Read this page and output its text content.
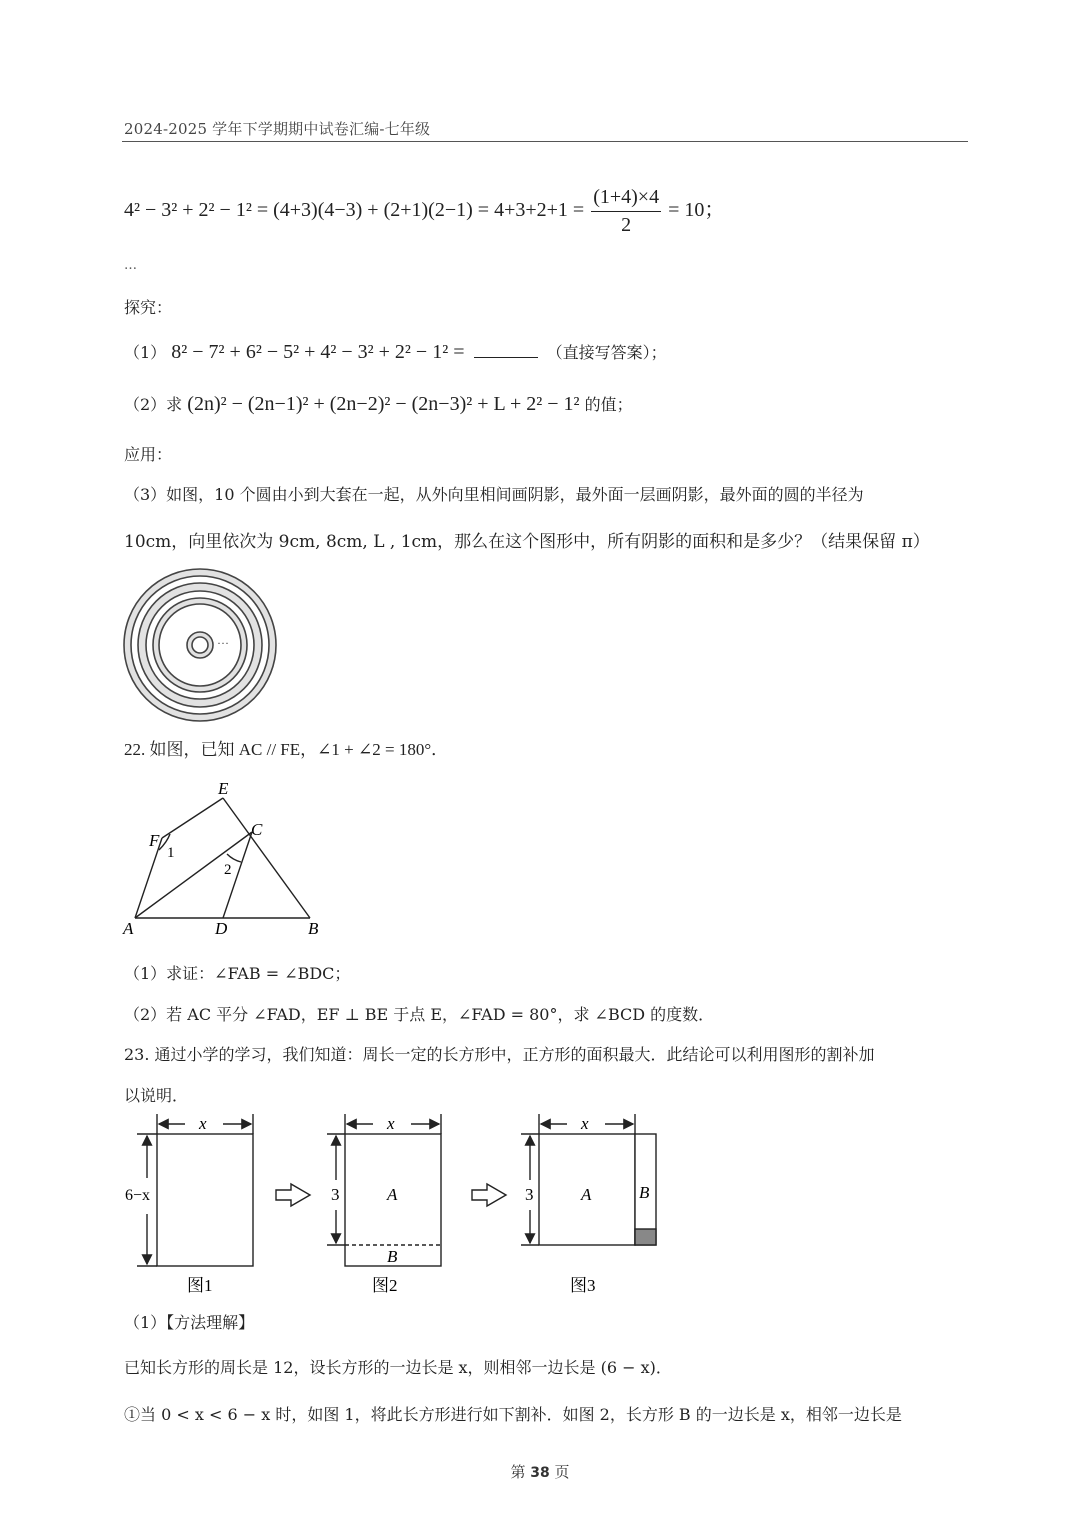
2024-2025 学年下学期期中试卷汇编-七年级
$4^2 - 3^2 + 2^2 - 1^2 = (4+3)(4-3) + (2+1)(2-1) = 4+3+2+1 = \frac{(1+4)\times 4}{2} = 10$；
…
探究：
（1） 8² − 7² + 6² − 5² + 4² − 3² + 2² − 1² =	（直接写答案）；
（2）求 (2n)² − (2n−1)² + (2n−2)² − (2n−3)² + L + 2² − 1² 的值；
应用：
（3）如图，10 个圆由小到大套在一起，从外向里相间画阴影，最外面一层画阴影，最外面的圆的半径为
10cm，向里依次为 9cm, 8cm, L , 1cm，那么在这个图形中，所有阴影的面积和是多少？（结果保留 π）
···
22. 如图，已知 AC // FE，∠1 + ∠2 = 180°．
E
C
F
1
2
A	D	B
（1）求证：∠FAB = ∠BDC；
（2）若 AC 平分 ∠FAD，EF ⊥ BE 于点 E，∠FAD = 80°，求 ∠BCD 的度数．
23. 通过小学的学习，我们知道：周长一定的长方形中，正方形的面积最大．此结论可以利用图形的割补加
以说明．
x
6−x
图1
x
3	A
B
图2
x
3	A	B
图3
（1）【方法理解】
已知长方形的周长是 12，设长方形的一边长是 x，则相邻一边长是 (6 − x)．
①当 0 < x < 6 − x 时，如图 1，将此长方形进行如下割补．如图 2，长方形 B 的一边长是 x，相邻一边长是
第 38 页
